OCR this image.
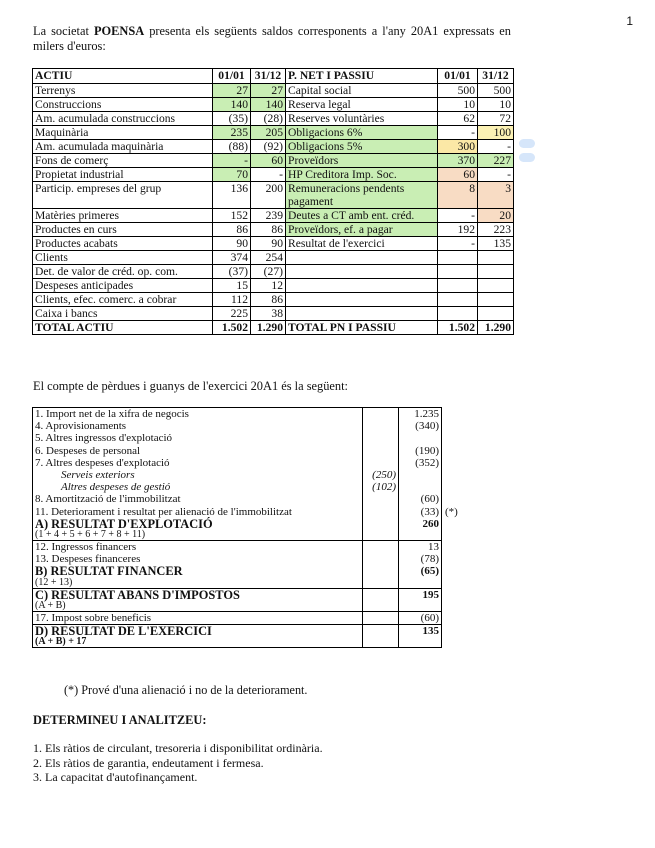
1

La societat POENSA presenta els següents saldos corresponents a l'any 20A1 expressats en milers d'euros:

ACTIU	01/01	31/12	P. NET I PASSIU	01/01	31/12
Terrenys	27	27	Capital social	500	500
Construccions	140	140	Reserva legal	10	10
Am. acumulada construccions	(35)	(28)	Reserves voluntàries	62	72
Maquinària	235	205	Obligacions 6%	-	100
Am. acumulada maquinària	(88)	(92)	Obligacions 5%	300	-
Fons de comerç	-	60	Proveïdors	370	227
Propietat industrial	70	-	HP Creditora Imp. Soc.	60	-
Particip. empreses del grup	136	200	Remuneracions pendents pagament	8	3
Matèries primeres	152	239	Deutes a CT amb ent. créd.	-	20
Productes en curs	86	86	Proveïdors, ef. a pagar	192	223
Productes acabats	90	90	Resultat de l'exercici	-	135
Clients	374	254			
Det. de valor de créd. op. com.	(37)	(27)			
Despeses anticipades	15	12			
Clients, efec. comerc. a cobrar	112	86			
Caixa i bancs	225	38			
TOTAL ACTIU	1.502	1.290	TOTAL PN I PASSIU	1.502	1.290

El compte de pèrdues i guanys de l'exercici 20A1 és la següent:

1. Import net de la xifra de negocis		1.235	
4. Aprovisionaments		(340)	
5. Altres ingressos d'explotació			
6. Despeses de personal		(190)	
7. Altres despeses d'explotació		(352)	
Serveis exteriors	(250)		
Altres despeses de gestió	(102)		
8. Amortització de l'immobilitzat		(60)	
11. Deteriorament i resultat per alienació de l'immobilitzat		(33)	(*)
A) RESULTAT D'EXPLOTACIÓ		260	
(1 + 4 + 5 + 6 + 7 + 8 + 11)			
12. Ingressos financers		13	
13. Despeses financeres		(78)	
B) RESULTAT FINANCER		(65)	
(12 + 13)			
C) RESULTAT ABANS D'IMPOSTOS		195	
(A + B)			
17. Impost sobre beneficis		(60)	
D) RESULTAT DE L'EXERCICI		135	
(A + B) + 17			

(*) Prové d'una alienació i no de la deteriorament.

DETERMINEU I ANALITZEU:

1. Els ràtios de circulant, tresoreria i disponibilitat ordinària.

2. Els ràtios de garantia, endeutament i fermesa.

3. La capacitat d'autofinançament.
